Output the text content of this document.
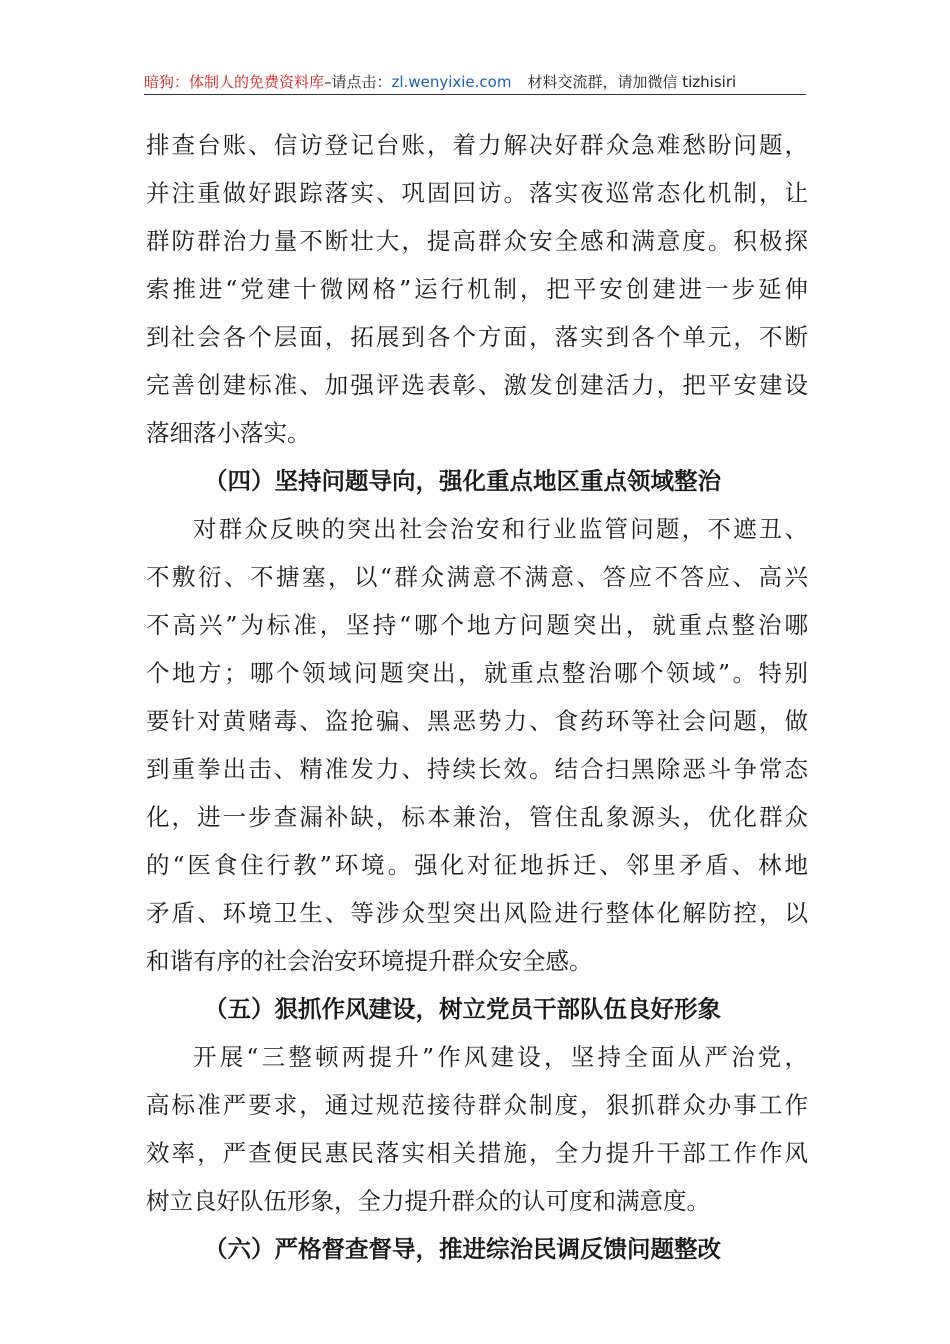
暗狗：体制人的免费资料库–请点击：zl.wenyixie.com 材料交流群，请加微信 tizhisiri
排查台账、信访登记台账，着力解决好群众急难愁盼问题，
并注重做好跟踪落实、巩固回访。落实夜巡常态化机制，让
群防群治力量不断壮大，提高群众安全感和满意度。积极探
索推进“党建十微网格”运行机制，把平安创建进一步延伸
到社会各个层面，拓展到各个方面，落实到各个单元，不断
完善创建标准、加强评选表彰、激发创建活力，把平安建设
落细落小落实。
（四）坚持问题导向，强化重点地区重点领域整治
对群众反映的突出社会治安和行业监管问题，不遮丑、
不敷衍、不搪塞，以“群众满意不满意、答应不答应、高兴
不高兴”为标准，坚持“哪个地方问题突出，就重点整治哪
个地方；哪个领域问题突出，就重点整治哪个领域”。特别
要针对黄赌毒、盗抢骗、黑恶势力、食药环等社会问题，做
到重拳出击、精准发力、持续长效。结合扫黑除恶斗争常态
化，进一步查漏补缺，标本兼治，管住乱象源头，优化群众
的“医食住行教”环境。强化对征地拆迁、邻里矛盾、林地
矛盾、环境卫生、等涉众型突出风险进行整体化解防控，以
和谐有序的社会治安环境提升群众安全感。
（五）狠抓作风建设，树立党员干部队伍良好形象
开展“三整顿两提升”作风建设，坚持全面从严治党，
高标准严要求，通过规范接待群众制度，狠抓群众办事工作
效率，严查便民惠民落实相关措施，全力提升干部工作作风
树立良好队伍形象，全力提升群众的认可度和满意度。
（六）严格督查督导，推进综治民调反馈问题整改
